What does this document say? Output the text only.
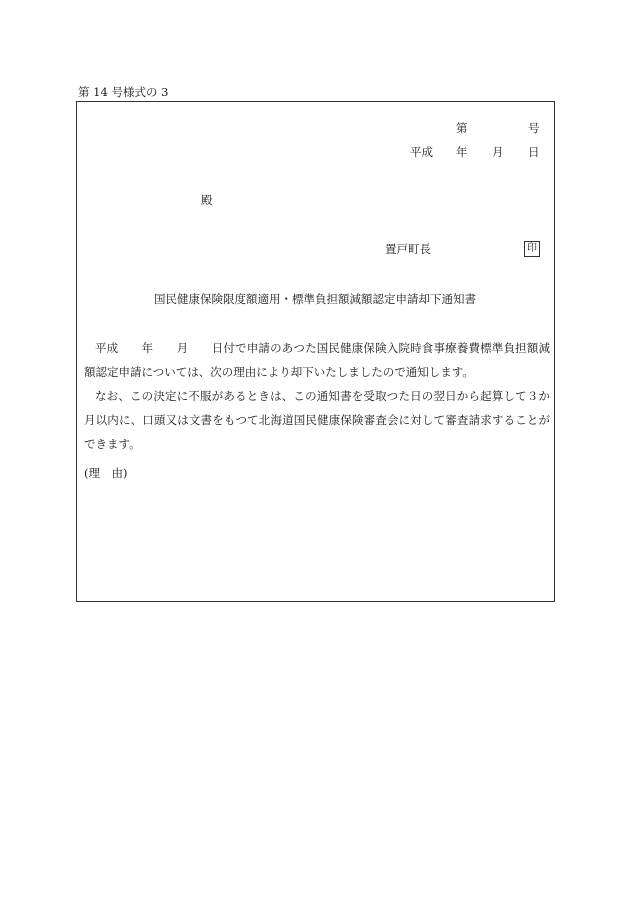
第 14 号様式の 3
第	号
平成 年 月 日
殿
置戸町長	印
国民健康保険限度額適用・標準負担額減額認定申請却下通知書

平成　　年　　月　　日付で申請のあつた国民健康保険入院時食事療養費標準負担額減額認定申請については、次の理由により却下いたしましたので通知します。

なお、この決定に不服があるときは、この通知書を受取つた日の翌日から起算して３か月以内に、口頭又は文書をもつて北海道国民健康保険審査会に対して審査請求することができます。

(理　由)
